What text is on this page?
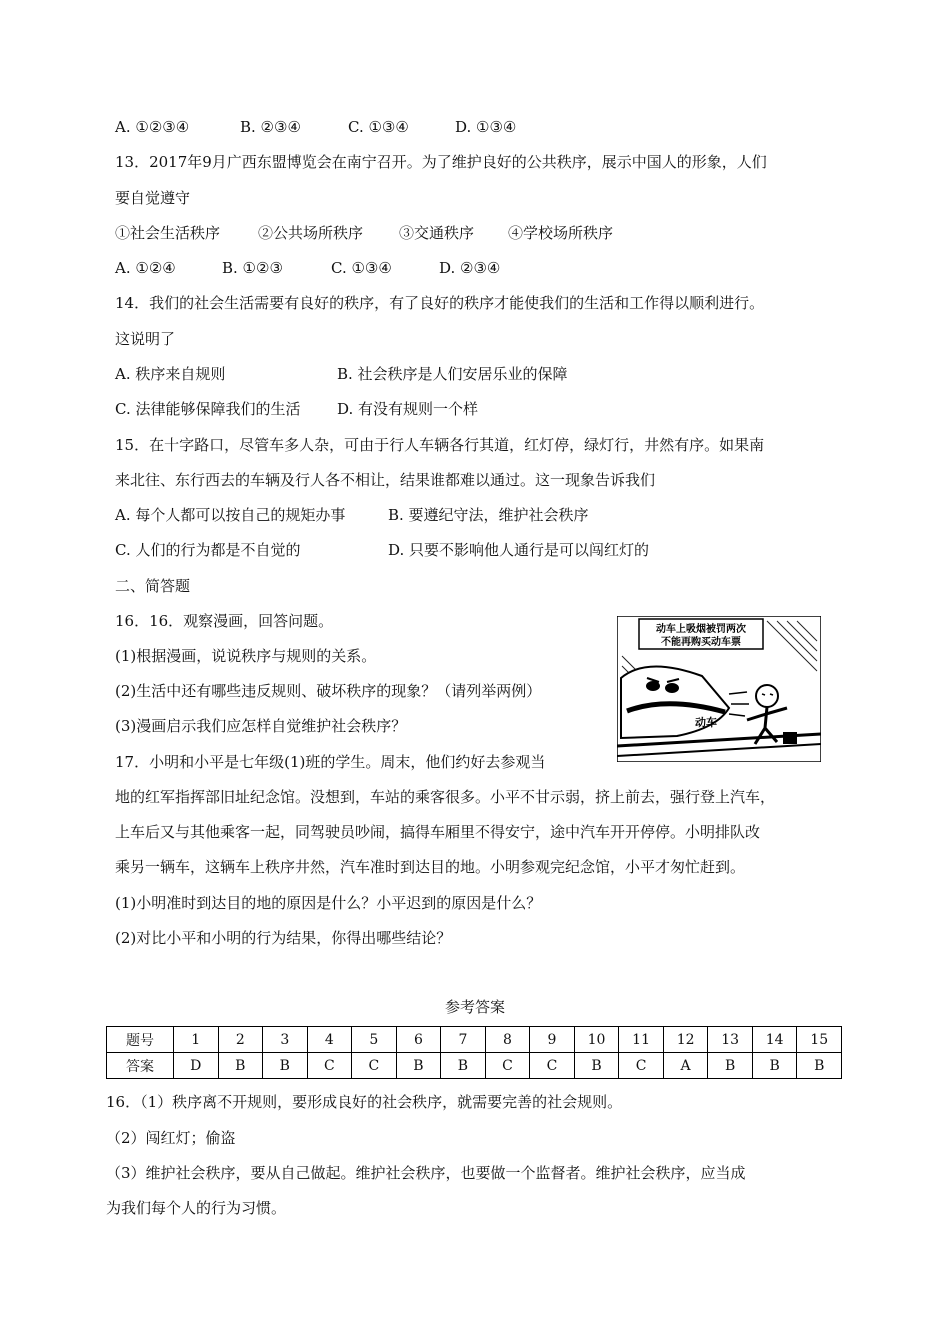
A. ①②③④	B. ②③④	C. ①③④	D. ①③④
13．2017年9月广西东盟博览会在南宁召开。为了维护良好的公共秩序，展示中国人的形象，人们
要自觉遵守
①社会生活秩序	②公共场所秩序 ③交通秩序 ④学校场所秩序
A. ①②④	B. ①②③	C. ①③④	D. ②③④
14．我们的社会生活需要有良好的秩序，有了良好的秩序才能使我们的生活和工作得以顺利进行。
这说明了
A. 秩序来自规则	B. 社会秩序是人们安居乐业的保障
C. 法律能够保障我们的生活 D. 有没有规则一个样
15．在十字路口，尽管车多人杂，可由于行人车辆各行其道，红灯停，绿灯行，井然有序。如果南
来北往、东行西去的车辆及行人各不相让，结果谁都难以通过。这一现象告诉我们
A. 每个人都可以按自己的规矩办事	B. 要遵纪守法，维护社会秩序
C. 人们的行为都是不自觉的	D. 只要不影响他人通行是可以闯红灯的
二、简答题
16．16．观察漫画，回答问题。
(1)根据漫画，说说秩序与规则的关系。
(2)生活中还有哪些违反规则、破坏秩序的现象？（请列举两例）
(3)漫画启示我们应怎样自觉维护社会秩序？
动车上吸烟被罚两次
不能再购买动车票
动车
17．小明和小平是七年级(1)班的学生。周末，他们约好去参观当
地的红军指挥部旧址纪念馆。没想到，车站的乘客很多。小平不甘示弱，挤上前去，强行登上汽车，
上车后又与其他乘客一起，同驾驶员吵闹，搞得车厢里不得安宁，途中汽车开开停停。小明排队改
乘另一辆车，这辆车上秩序井然，汽车准时到达目的地。小明参观完纪念馆，小平才匆忙赶到。
(1)小明准时到达目的地的原因是什么？小平迟到的原因是什么？
(2)对比小平和小明的行为结果，你得出哪些结论？
参考答案
题号	1	2	3	4	5	6	7	8	9	10	11	12	13	14	15
答案	D	B	B	C	C	B	B	C	C	B	C	A	B	B	B
16．（1）秩序离不开规则，要形成良好的社会秩序，就需要完善的社会规则。
（2）闯红灯；偷盗
（3）维护社会秩序，要从自己做起。维护社会秩序，也要做一个监督者。维护社会秩序，应当成
为我们每个人的行为习惯。
